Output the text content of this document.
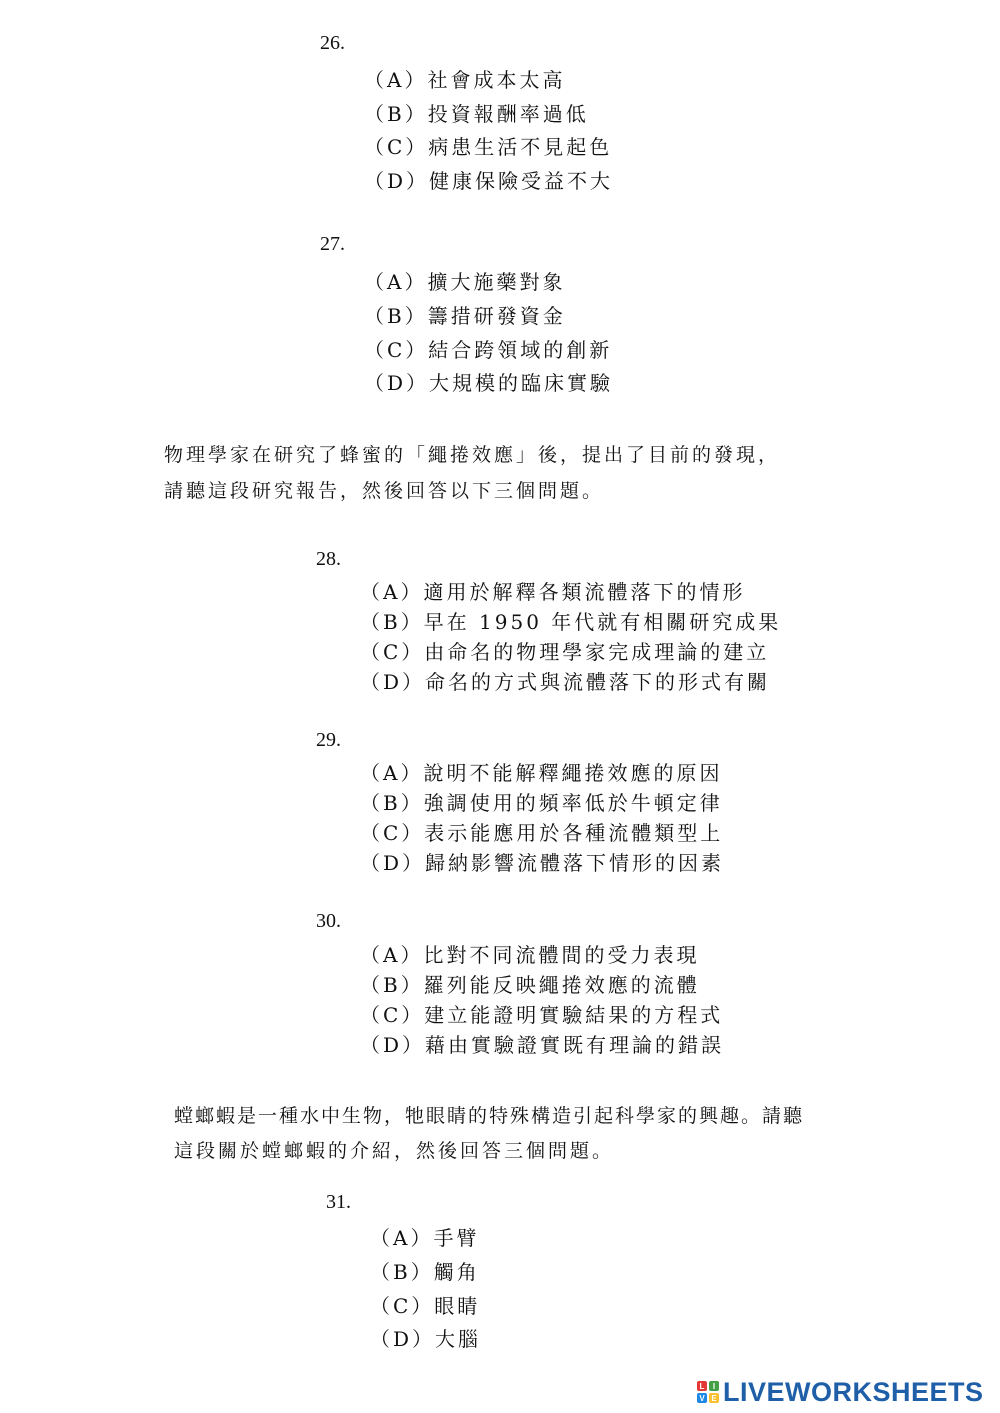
26.
（A）社會成本太高
（B）投資報酬率過低
（C）病患生活不見起色
（D）健康保險受益不大
27.
（A）擴大施藥對象
（B）籌措研發資金
（C）結合跨領域的創新
（D）大規模的臨床實驗
物理學家在研究了蜂蜜的「繩捲效應」後，提出了目前的發現，
請聽這段研究報告，然後回答以下三個問題。
28.
（A）適用於解釋各類流體落下的情形
（B）早在 1950 年代就有相關研究成果
（C）由命名的物理學家完成理論的建立
（D）命名的方式與流體落下的形式有關
29.
（A）說明不能解釋繩捲效應的原因
（B）強調使用的頻率低於牛頓定律
（C）表示能應用於各種流體類型上
（D）歸納影響流體落下情形的因素
30.
（A）比對不同流體間的受力表現
（B）羅列能反映繩捲效應的流體
（C）建立能證明實驗結果的方程式
（D）藉由實驗證實既有理論的錯誤
螳螂蝦是一種水中生物，牠眼睛的特殊構造引起科學家的興趣。請聽
這段關於螳螂蝦的介紹，然後回答三個問題。
31.
（A）手臂
（B）觸角
（C）眼睛
（D）大腦
L	I
V E LIVEWORKSHEETS
